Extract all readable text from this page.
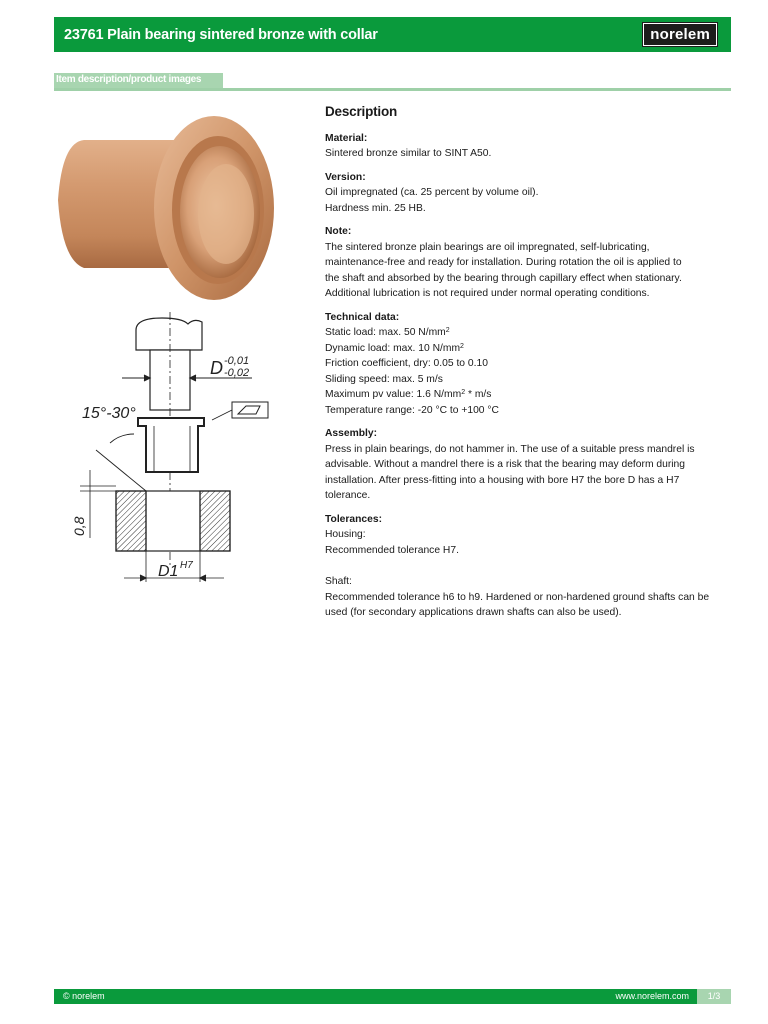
23761 Plain bearing sintered bronze with collar	norelem
Item description/product images
15°-30°
D -0,01
-0,02
0,8
D1 H7
Description
Material:
Sintered bronze similar to SINT A50.
Version:
Oil impregnated (ca. 25 percent by volume oil).
Hardness min. 25 HB.
Note:
The sintered bronze plain bearings are oil impregnated, self-lubricating,
maintenance-free and ready for installation. During rotation the oil is applied to
the shaft and absorbed by the bearing through capillary effect when stationary.
Additional lubrication is not required under normal operating conditions.
Technical data:
Static load: max. 50 $N/mm^2$
Dynamic load: max. 10 $N/mm^2$
Friction coefficient, dry: 0.05 to 0.10
Sliding speed: max. 5 m/s
Maximum pv value: 1.6 $N/mm^2 * m/s$
Temperature range: -20 °C to +100 °C
Assembly:
Press in plain bearings, do not hammer in. The use of a suitable press mandrel is
advisable. Without a mandrel there is a risk that the bearing may deform during
installation. After press-fitting into a housing with bore H7 the bore D has a H7
tolerance.
Tolerances:
Housing:
Recommended tolerance H7.
Shaft:
Recommended tolerance h6 to h9. Hardened or non-hardened ground shafts can be
used (for secondary applications drawn shafts can also be used).
© norelem	www.norelem.com	1/3
